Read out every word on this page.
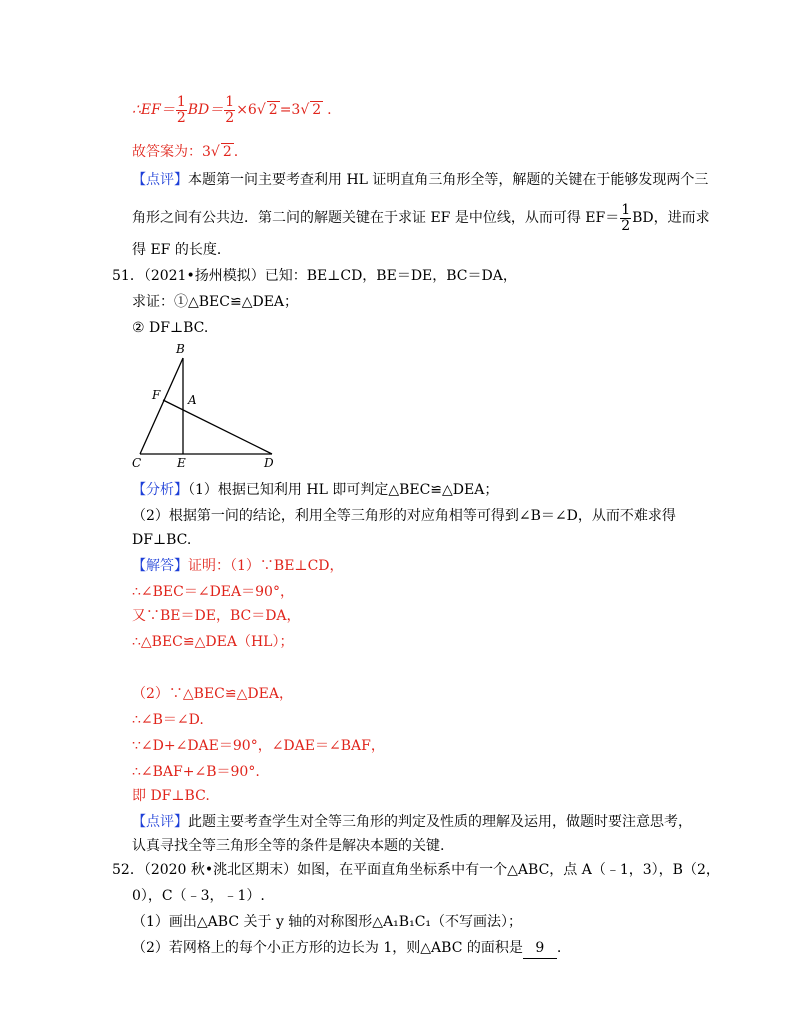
∴EF＝ $\frac{1}{2} BD= \frac{1}{2} \times 6√$ 2 =3√ 2 .
故答案为：3√ 2 .
【点评】本题第一问主要考查利用 HL 证明直角三角形全等，解题的关键在于能够发现两个三
角形之间有公共边．第二问的解题关键在于求证 EF 是中位线，从而可得 $EF= \frac{1}{2}$ BD，进而求
得 EF 的长度．
51．（2021•扬州模拟）已知：BE⊥CD，BE＝DE，BC＝DA，
求证：①△BEC≌△DEA；
② DF⊥BC.
B
F A
C	E	D
【分析】（1）根据已知利用 HL 即可判定△BEC≌△DEA；
（2）根据第一问的结论，利用全等三角形的对应角相等可得到∠B＝∠D，从而不难求得
DF⊥BC.
【解答】证明：（1）∵BE⊥CD，
∴∠BEC＝∠DEA＝90°，
又∵BE＝DE，BC＝DA，
∴△BEC≌△DEA（HL）；
（2）∵△BEC≌△DEA，
∴∠B＝∠D.
∵∠D+∠DAE＝90°，∠DAE＝∠BAF，
∴∠BAF+∠B＝90°.
即 DF⊥BC.
【点评】此题主要考查学生对全等三角形的判定及性质的理解及运用，做题时要注意思考，
认真寻找全等三角形全等的条件是解决本题的关键.
52．（2020 秋•洮北区期末）如图，在平面直角坐标系中有一个△ABC，点 A（﹣1，3），B（2，
0），C（﹣3，﹣1）.
（1）画出△ABC 关于 y 轴的对称图形△A₁B₁C₁（不写画法）；
（2）若网格上的每个小正方形的边长为 1，则△ABC 的面积是 9 .
